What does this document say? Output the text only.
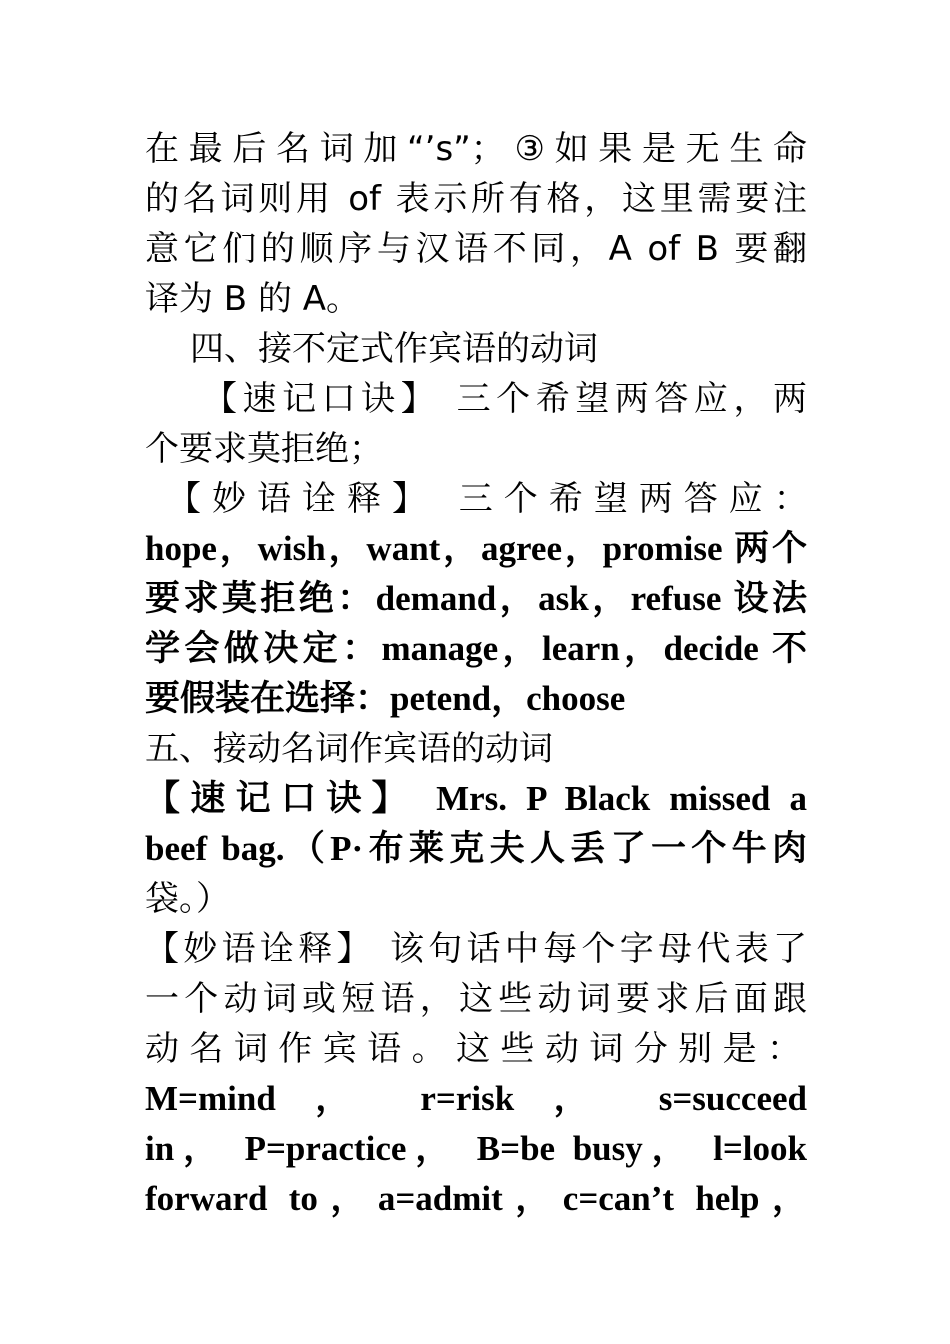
在最后名词加“’s”；③如果是无生命
的名词则用 of 表示所有格，这里需要注
意它们的顺序与汉语不同，A of B 要翻
译为 B 的 A。
四、接不定式作宾语的动词
【速记口诀】 三个希望两答应，两
个要求莫拒绝；
【妙语诠释】 三个希望两答应：
hope，wish，want，agree，promise 两个
要求莫拒绝：demand，ask，refuse 设法
学会做决定：manage，learn，decide 不
要假装在选择：petend，choose
五、接动名词作宾语的动词
【速记口诀】 Mrs. P Black missed a
beef bag.（P·布莱克夫人丢了一个牛肉
袋。）
【妙语诠释】 该句话中每个字母代表了
一个动词或短语，这些动词要求后面跟
动名词作宾语。这些动词分别是：
M=mind ， r=risk ， s=succeed
in， P=practice， B=be busy， l=look
forward to，a=admit，c=can’t help，
